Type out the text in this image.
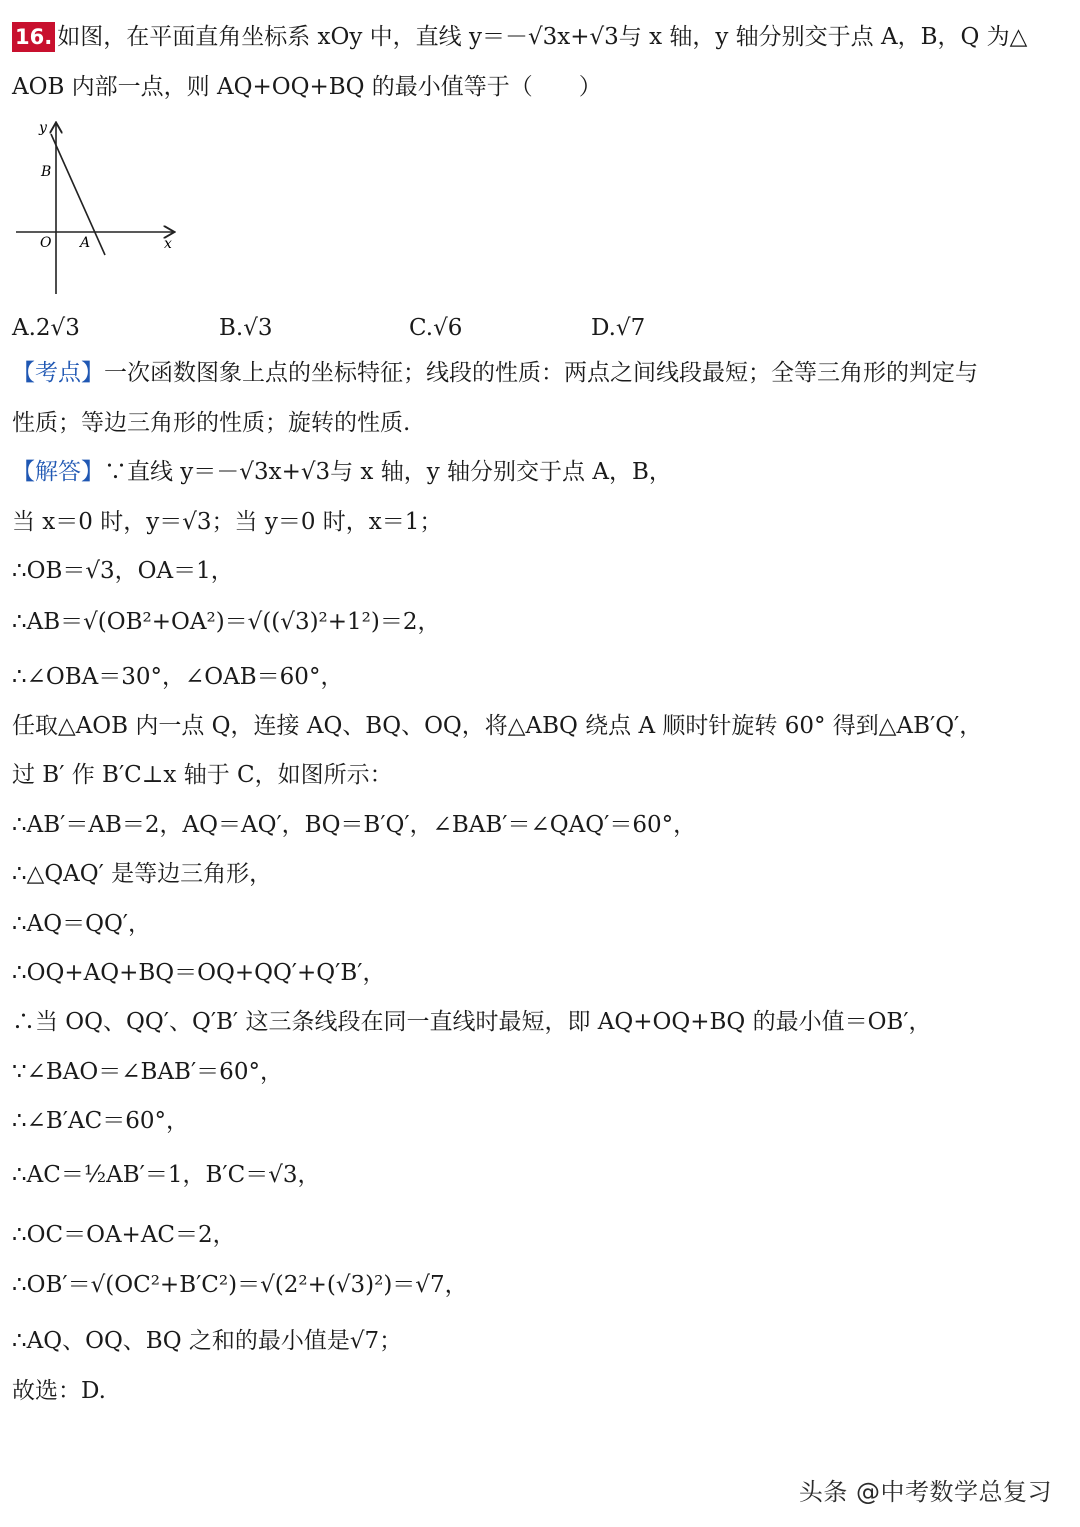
16. 如图，在平面直角坐标系 xOy 中，直线 y＝－√3x+√3与 x 轴，y 轴分别交于点 A，B，Q 为△
AOB 内部一点，则 AQ+OQ+BQ 的最小值等于（　　）
y
x
B
O A
A.2√3	B.√3	C.√6	D.√7
【考点】一次函数图象上点的坐标特征；线段的性质：两点之间线段最短；全等三角形的判定与
性质；等边三角形的性质；旋转的性质.
【解答】∵直线 y＝－√3x+√3与 x 轴，y 轴分别交于点 A，B，
当 x＝0 时，y＝√3；当 y＝0 时，x＝1；
∴OB＝√3，OA＝1，
∴AB＝√(OB²+OA²)＝√((√3)²+1²)＝2，
∴∠OBA＝30°，∠OAB＝60°，
任取△AOB 内一点 Q，连接 AQ、BQ、OQ，将△ABQ 绕点 A 顺时针旋转 60° 得到△AB′Q′，
过 B′ 作 B′C⊥x 轴于 C，如图所示：
∴AB′＝AB＝2，AQ＝AQ′，BQ＝B′Q′，∠BAB′＝∠QAQ′＝60°，
∴△QAQ′ 是等边三角形，
∴AQ＝QQ′，
∴OQ+AQ+BQ＝OQ+QQ′+Q′B′，
∴当 OQ、QQ′、Q′B′ 这三条线段在同一直线时最短，即 AQ+OQ+BQ 的最小值＝OB′，
∵∠BAO＝∠BAB′＝60°，
∴∠B′AC＝60°，
∴AC＝½AB′＝1，B′C＝√3，
∴OC＝OA+AC＝2，
∴OB′＝√(OC²+B′C²)＝√(2²+(√3)²)＝√7，
∴AQ、OQ、BQ 之和的最小值是√7；
故选：D.
头条 @中考数学总复习
